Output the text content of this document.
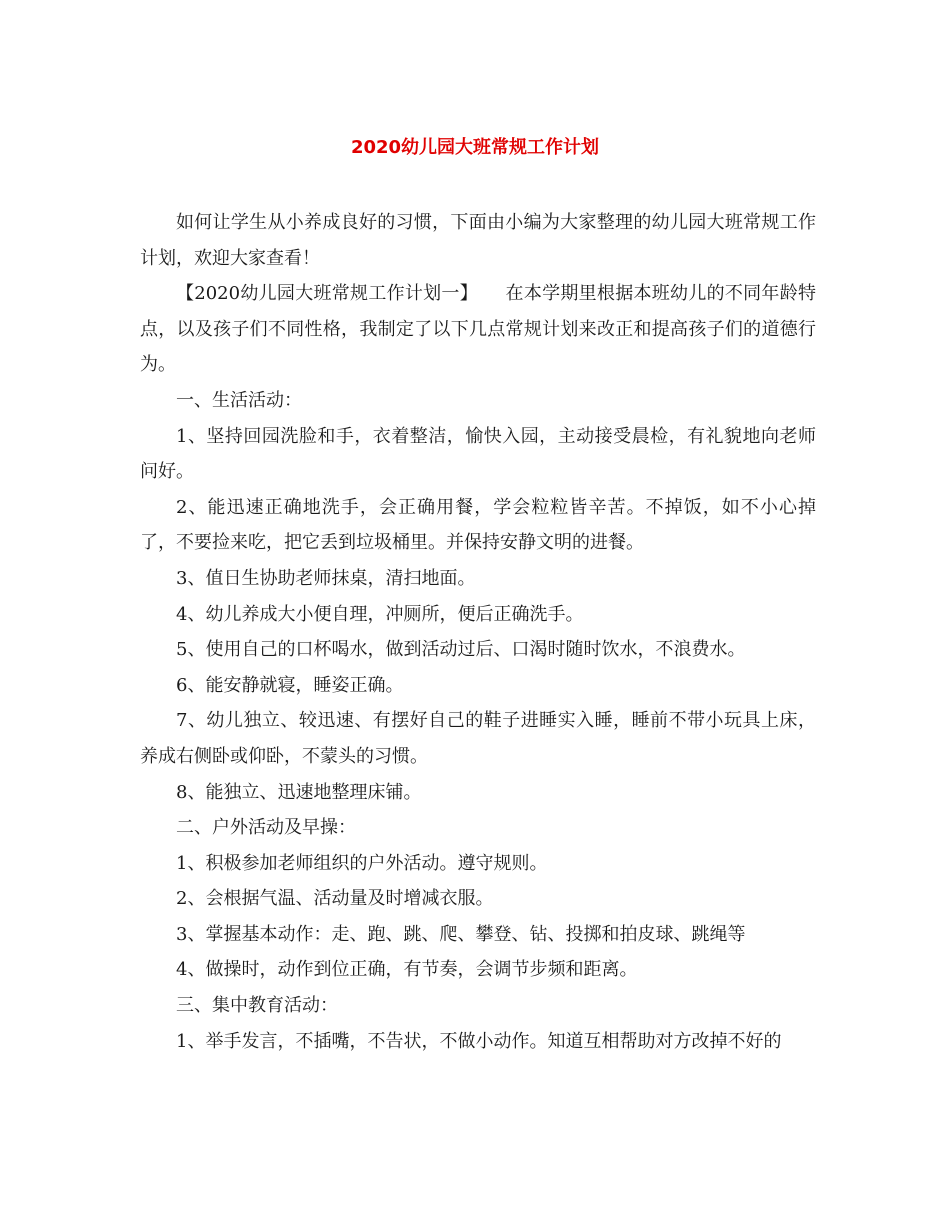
2020幼儿园大班常规工作计划

如何让学生从小养成良好的习惯，下面由小编为大家整理的幼儿园大班常规工作计划，欢迎大家查看！

【2020幼儿园大班常规工作计划一】　　在本学期里根据本班幼儿的不同年龄特点，以及孩子们不同性格，我制定了以下几点常规计划来改正和提高孩子们的道德行为。

一、生活活动：

1、坚持回园洗脸和手，衣着整洁，愉快入园，主动接受晨检，有礼貌地向老师问好。

2、能迅速正确地洗手，会正确用餐，学会粒粒皆辛苦。不掉饭，如不小心掉了，不要捡来吃，把它丢到垃圾桶里。并保持安静文明的进餐。

3、值日生协助老师抹桌，清扫地面。

4、幼儿养成大小便自理，冲厕所，便后正确洗手。

5、使用自己的口杯喝水，做到活动过后、口渴时随时饮水，不浪费水。

6、能安静就寝，睡姿正确。

7、幼儿独立、较迅速、有摆好自己的鞋子进睡实入睡，睡前不带小玩具上床，养成右侧卧或仰卧，不蒙头的习惯。

8、能独立、迅速地整理床铺。

二、户外活动及早操：

1、积极参加老师组织的户外活动。遵守规则。

2、会根据气温、活动量及时增减衣服。

3、掌握基本动作：走、跑、跳、爬、攀登、钻、投掷和拍皮球、跳绳等

4、做操时，动作到位正确，有节奏，会调节步频和距离。

三、集中教育活动：

1、举手发言，不插嘴，不告状，不做小动作。知道互相帮助对方改掉不好的
